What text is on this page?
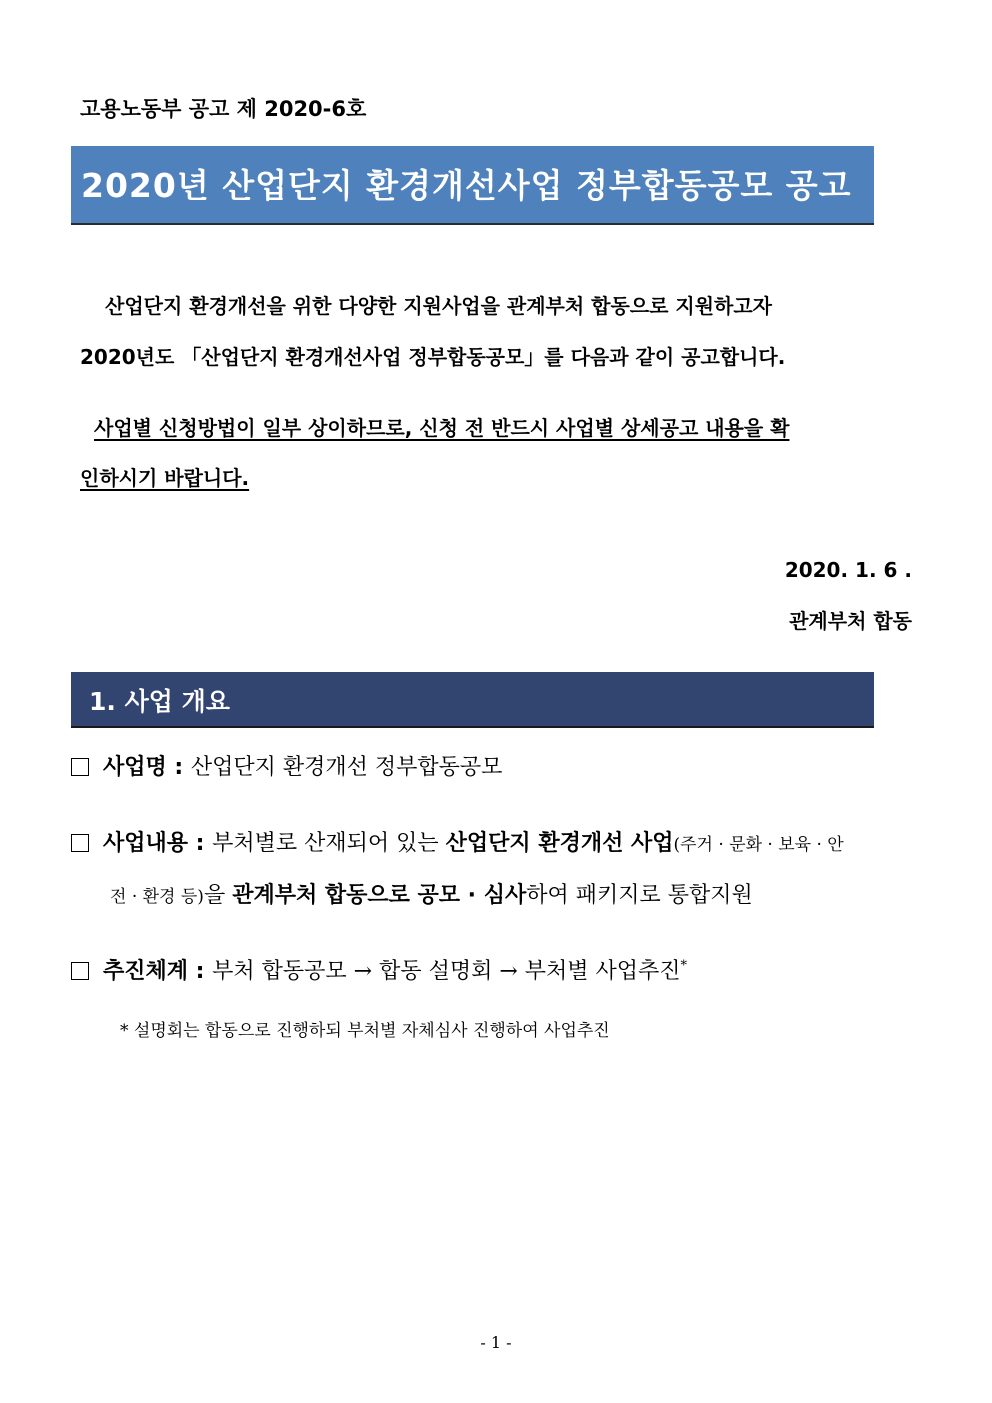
고용노동부 공고 제 2020-6호
2020년 산업단지 환경개선사업 정부합동공모 공고
산업단지 환경개선을 위한 다양한 지원사업을 관계부처 합동으로 지원하고자
2020년도 「산업단지 환경개선사업 정부합동공모」를 다음과 같이 공고합니다.
사업별 신청방법이 일부 상이하므로, 신청 전 반드시 사업별 상세공고 내용을 확
인하시기 바랍니다.
2020. 1. 6 .
관계부처 합동
1. 사업 개요
사업명 : 산업단지 환경개선 정부합동공모
사업내용 : 부처별로 산재되어 있는 산업단지 환경개선 사업(주거 · 문화 · 보육 · 안
전 · 환경 등)을 관계부처 합동으로 공모 · 심사하여 패키지로 통합지원
추진체계 : 부처 합동공모 → 합동 설명회 → 부처별 사업추진*
* 설명회는 합동으로 진행하되 부처별 자체심사 진행하여 사업추진
- 1 -
